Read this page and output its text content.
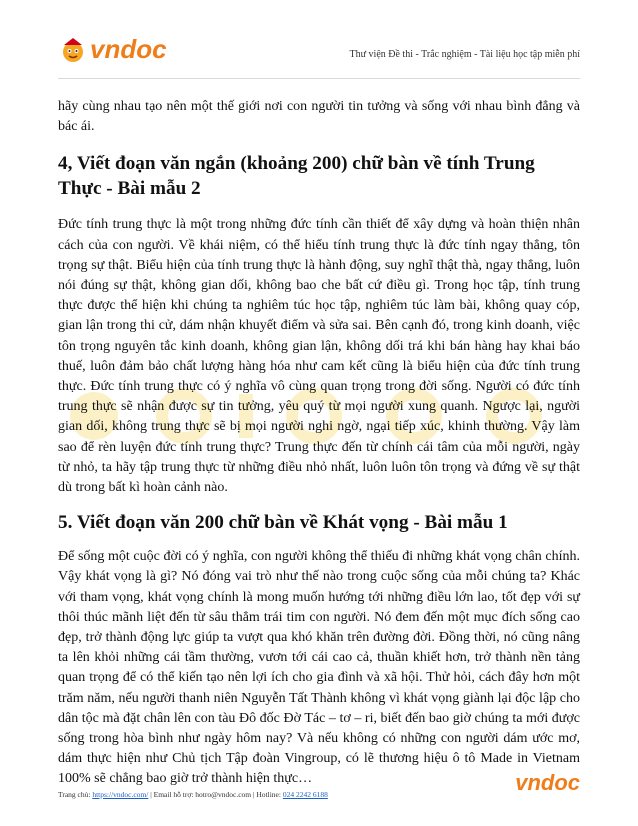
vndoc	Thư viện Đề thi - Trắc nghiệm - Tài liệu học tập miễn phí

hãy cùng nhau tạo nên một thế giới nơi con người tin tưởng và sống với nhau bình đẳng và bác ái.

4, Viết đoạn văn ngắn (khoảng 200) chữ bàn về tính Trung Thực - Bài mẫu 2

Đức tính trung thực là một trong những đức tính cần thiết để xây dựng và hoàn thiện nhân cách của con người. Về khái niệm, có thể hiểu tính trung thực là đức tính ngay thẳng, tôn trọng sự thật. Biểu hiện của tính trung thực là hành động, suy nghĩ thật thà, ngay thẳng, luôn nói đúng sự thật, không gian dối, không bao che bất cứ điều gì. Trong học tập, tính trung thực được thể hiện khi chúng ta nghiêm túc học tập, nghiêm túc làm bài, không quay cóp, gian lận trong thi cử, dám nhận khuyết điểm và sửa sai. Bên cạnh đó, trong kinh doanh, việc tôn trọng nguyên tắc kinh doanh, không gian lận, không dối trá khi bán hàng hay khai báo thuế, luôn đảm bảo chất lượng hàng hóa như cam kết cũng là biểu hiện của đức tính trung thực. Đức tính trung thực có ý nghĩa vô cùng quan trọng trong đời sống. Người có đức tính trung thực sẽ nhận được sự tin tưởng, yêu quý từ mọi người xung quanh. Ngược lại, người gian dối, không trung thực sẽ bị mọi người nghi ngờ, ngại tiếp xúc, khinh thường. Vậy làm sao để rèn luyện đức tính trung thực? Trung thực đến từ chính cái tâm của mỗi người, ngày từ nhỏ, ta hãy tập trung thực từ những điều nhỏ nhất, luôn luôn tôn trọng và đứng về sự thật dù trong bất kì hoàn cảnh nào.

5. Viết đoạn văn 200 chữ bàn về Khát vọng - Bài mẫu 1

Để sống một cuộc đời có ý nghĩa, con người không thể thiếu đi những khát vọng chân chính. Vậy khát vọng là gì? Nó đóng vai trò như thế nào trong cuộc sống của mỗi chúng ta? Khác với tham vọng, khát vọng chính là mong muốn hướng tới những điều lớn lao, tốt đẹp với sự thôi thúc mãnh liệt đến từ sâu thẳm trái tim con người. Nó đem đến một mục đích sống cao đẹp, trở thành động lực giúp ta vượt qua khó khăn trên đường đời. Đồng thời, nó cũng nâng ta lên khỏi những cái tầm thường, vươn tới cái cao cả, thuần khiết hơn, trở thành nền tảng quan trọng để có thể kiến tạo nên lợi ích cho gia đình và xã hội. Thử hỏi, cách đây hơn một trăm năm, nếu người thanh niên Nguyễn Tất Thành không vì khát vọng giành lại độc lập cho dân tộc mà đặt chân lên con tàu Đô đốc Đờ Tác – tơ – ri, biết đến bao giờ chúng ta mới được sống trong hòa bình như ngày hôm nay? Và nếu không có những con người dám ước mơ, dám thực hiện như Chủ tịch Tập đoàn Vingroup, có lẽ thương hiệu ô tô Made in Vietnam 100% sẽ chẳng bao giờ trở thành hiện thực…

Trang chủ: https://vndoc.com/ | Email hỗ trợ: hotro@vndoc.com | Hotline: 024 2242 6188	vndoc
